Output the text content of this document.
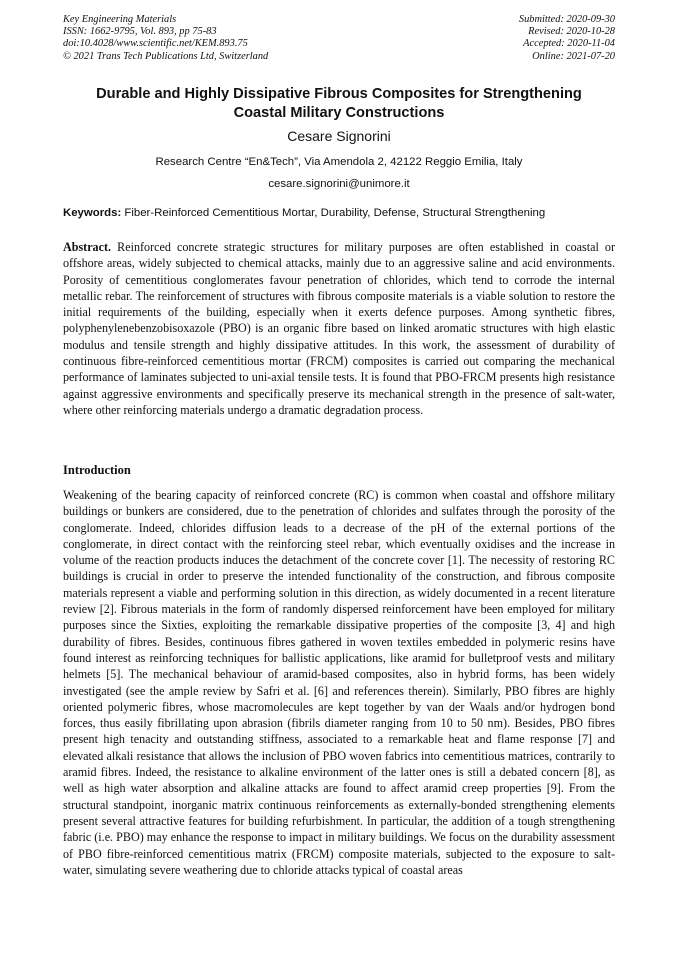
Key Engineering Materials
ISSN: 1662-9795, Vol. 893, pp 75-83
doi:10.4028/www.scientific.net/KEM.893.75
© 2021 Trans Tech Publications Ltd, Switzerland
Submitted: 2020-09-30
Revised: 2020-10-28
Accepted: 2020-11-04
Online: 2021-07-20
Durable and Highly Dissipative Fibrous Composites for Strengthening
Coastal Military Constructions
Cesare Signorini
Research Centre “En&Tech”, Via Amendola 2, 42122 Reggio Emilia, Italy
cesare.signorini@unimore.it
Keywords: Fiber-Reinforced Cementitious Mortar, Durability, Defense, Structural Strengthening
Abstract. Reinforced concrete strategic structures for military purposes are often established in coastal or offshore areas, widely subjected to chemical attacks, mainly due to an aggressive saline and acid environments. Porosity of cementitious conglomerates favour penetration of chlorides, which tend to corrode the internal metallic rebar. The reinforcement of structures with fibrous composite materials is a viable solution to restore the initial requirements of the building, especially when it exerts defence purposes. Among synthetic fibres, polyphenylenebenzobisoxazole (PBO) is an organic fibre based on linked aromatic structures with high elastic modulus and tensile strength and highly dissipative attitudes. In this work, the assessment of durability of continuous fibre-reinforced cementitious mortar (FRCM) composites is carried out comparing the mechanical performance of laminates subjected to uni-axial tensile tests. It is found that PBO-FRCM presents high resistance against aggressive environments and specifically preserve its mechanical strength in the presence of salt-water, where other reinforcing materials undergo a dramatic degradation process.
Introduction
Weakening of the bearing capacity of reinforced concrete (RC) is common when coastal and offshore military buildings or bunkers are considered, due to the penetration of chlorides and sulfates through the porosity of the conglomerate. Indeed, chlorides diffusion leads to a decrease of the pH of the external portions of the conglomerate, in direct contact with the reinforcing steel rebar, which eventually oxidises and the increase in volume of the reaction products induces the detachment of the concrete cover [1]. The necessity of restoring RC buildings is crucial in order to preserve the intended functionality of the construction, and fibrous composite materials represent a viable and performing solution in this direction, as widely documented in a recent literature review [2]. Fibrous materials in the form of randomly dispersed reinforcement have been employed for military purposes since the Sixties, exploiting the remarkable dissipative properties of the composite [3, 4] and high durability of fibres. Besides, continuous fibres gathered in woven textiles embedded in polymeric resins have found interest as reinforcing techniques for ballistic applications, like aramid for bulletproof vests and military helmets [5]. The mechanical behaviour of aramid-based composites, also in hybrid forms, has been widely investigated (see the ample review by Safri et al. [6] and references therein). Similarly, PBO fibres are highly oriented polymeric fibres, whose macromolecules are kept together by van der Waals and/or hydrogen bond forces, thus easily fibrillating upon abrasion (fibrils diameter ranging from 10 to 50 nm). Besides, PBO fibres present high tenacity and outstanding stiffness, associated to a remarkable heat and flame response [7] and elevated alkali resistance that allows the inclusion of PBO woven fabrics into cementitious matrices, contrarily to aramid fibres. Indeed, the resistance to alkaline environment of the latter ones is still a debated concern [8], as well as high water absorption and alkaline attacks are found to affect aramid creep properties [9]. From the structural standpoint, inorganic matrix continuous reinforcements as externally-bonded strengthening elements present several attractive features for building refurbishment. In particular, the addition of a tough strengthening fabric (i.e. PBO) may enhance the response to impact in military buildings. We focus on the durability assessment of PBO fibre-reinforced cementitious matrix (FRCM) composite materials, subjected to the exposure to salt-water, simulating severe weathering due to chloride attacks typical of coastal areas
